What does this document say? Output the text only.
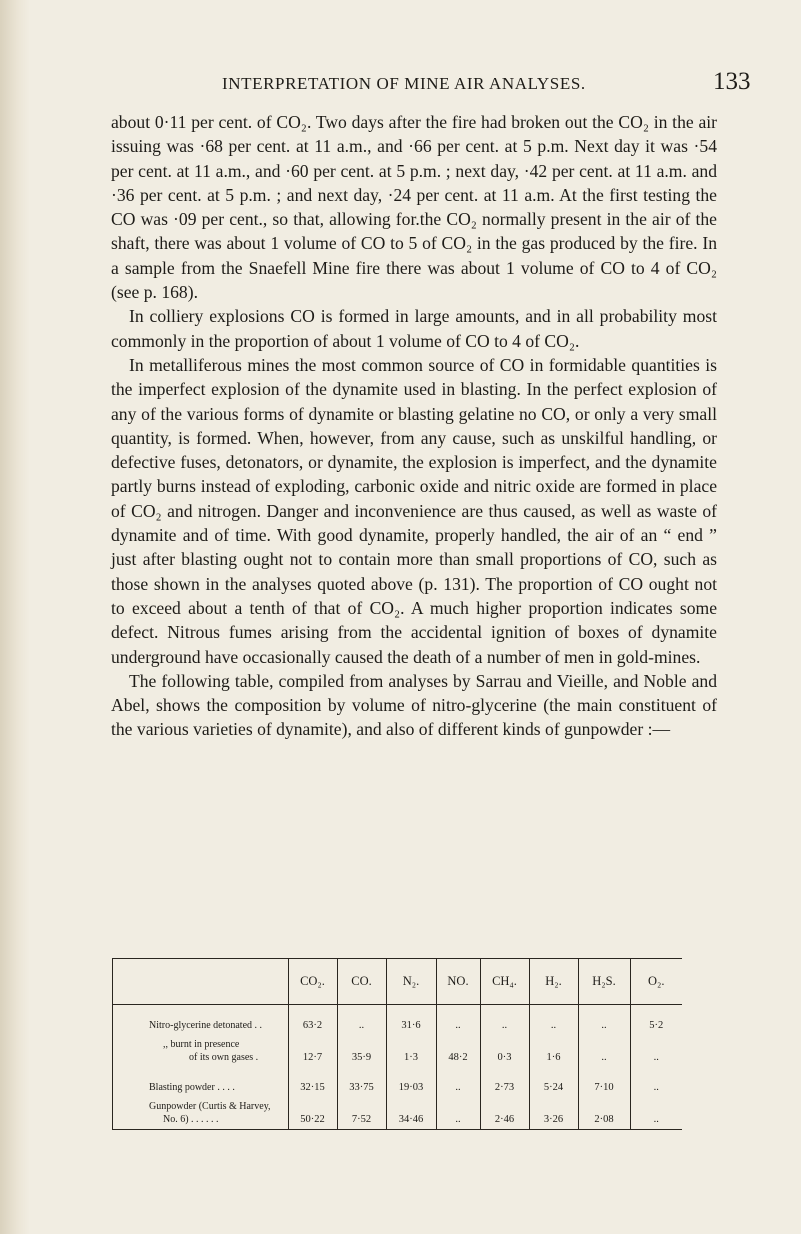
INTERPRETATION OF MINE AIR ANALYSES.	133

about 0·11 per cent. of CO₂. Two days after the fire had broken out the CO₂ in the air issuing was ·68 per cent. at 11 a.m., and ·66 per cent. at 5 p.m. Next day it was ·54 per cent. at 11 a.m., and ·60 per cent. at 5 p.m. ; next day, ·42 per cent. at 11 a.m. and ·36 per cent. at 5 p.m. ; and next day, ·24 per cent. at 11 a.m. At the first testing the CO was ·09 per cent., so that, allowing for.the CO₂ normally present in the air of the shaft, there was about 1 volume of CO to 5 of CO₂ in the gas produced by the fire. In a sample from the Snaefell Mine fire there was about 1 volume of CO to 4 of CO₂ (see p. 168).

In colliery explosions CO is formed in large amounts, and in all probability most commonly in the proportion of about 1 volume of CO to 4 of CO₂.

In metalliferous mines the most common source of CO in formidable quantities is the imperfect explosion of the dynamite used in blasting. In the perfect explosion of any of the various forms of dynamite or blasting gelatine no CO, or only a very small quantity, is formed. When, however, from any cause, such as unskilful handling, or defective fuses, detonators, or dynamite, the explosion is imperfect, and the dynamite partly burns instead of exploding, carbonic oxide and nitric oxide are formed in place of CO₂ and nitrogen. Danger and inconvenience are thus caused, as well as waste of dynamite and of time. With good dynamite, properly handled, the air of an “ end ” just after blasting ought not to contain more than small proportions of CO, such as those shown in the analyses quoted above (p. 131). The proportion of CO ought not to exceed about a tenth of that of CO₂. A much higher proportion indicates some defect. Nitrous fumes arising from the accidental ignition of boxes of dynamite underground have occasionally caused the death of a number of men in gold-mines.

The following table, compiled from analyses by Sarrau and Vieille, and Noble and Abel, shows the composition by volume of nitro-glycerine (the main constituent of the various varieties of dynamite), and also of different kinds of gunpowder :—

	CO₂.	CO.	N₂.	NO.	CH₄.	H₂.	H₂S.	O₂.

Nitro-glycerine detonated . .	63·2	..	31·6	..	..	..	..	5·2

,, burnt in presence
of its own gases .	12·7	35·9	1·3	48·2	0·3	1·6	..	..

Blasting powder . . . .	32·15	33·75	19·03	..	2·73	5·24	7·10	..

Gunpowder (Curtis & Harvey,
No. 6) . . . . . .	50·22	7·52	34·46	..	2·46	3·26	2·08	..
